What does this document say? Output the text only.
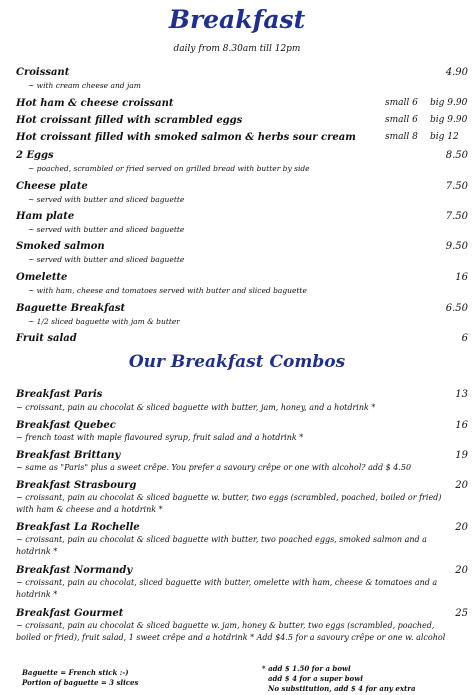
Breakfast
daily from 8.30am till 12pm
Croissant	4.90
~ with cream cheese and jam
Hot ham & cheese croissant	small 6 big 9.90
Hot croissant filled with scrambled eggs	small 6 big 9.90
Hot croissant filled with smoked salmon & herbs sour cream	small 8 big 12
2 Eggs	8.50
~ poached, scrambled or fried served on grilled bread with butter by side
Cheese plate	7.50
~ served with butter and sliced baguette
Ham plate	7.50
~ served with butter and sliced baguette
Smoked salmon	9.50
~ served with butter and sliced baguette
Omelette	16
~ with ham, cheese and tomatoes served with butter and sliced baguette
Baguette Breakfast	6.50
~ 1/2 sliced baguette with jam & butter
Fruit salad	6
Our Breakfast Combos
Breakfast Paris	13
~ croissant, pain au chocolat & sliced baguette with butter, jam, honey, and a hotdrink *
Breakfast Quebec	16
~ french toast with maple flavoured syrup, fruit salad and a hotdrink *
Breakfast Brittany	19
~ same as "Paris" plus a sweet crêpe. You prefer a savoury crêpe or one with alcohol? add $ 4.50
Breakfast Strasbourg	20
~ croissant, pain au chocolat & sliced baguette w. butter, two eggs (scrambled, poached, boiled or fried) with ham & cheese and a hotdrink *
Breakfast La Rochelle	20
~ croissant, pain au chocolat & sliced baguette with butter, two poached eggs, smoked salmon and a hotdrink *
Breakfast Normandy	20
~ croissant, pain au chocolat, sliced baguette with butter, omelette with ham, cheese & tomatoes and a hotdrink *
Breakfast Gourmet	25
~ croissant, pain au chocolat & sliced baguette w. jam, honey & butter, two eggs (scrambled, poached, boiled or fried), fruit salad, 1 sweet crêpe and a hotdrink * Add $4.5 for a savoury crêpe or one w. alcohol
Baguette = French stick :-)
Portion of baguette = 3 slices
* add $ 1.50 for a bowl
add $ 4 for a super bowl
No substitution, add $ 4 for any extra
